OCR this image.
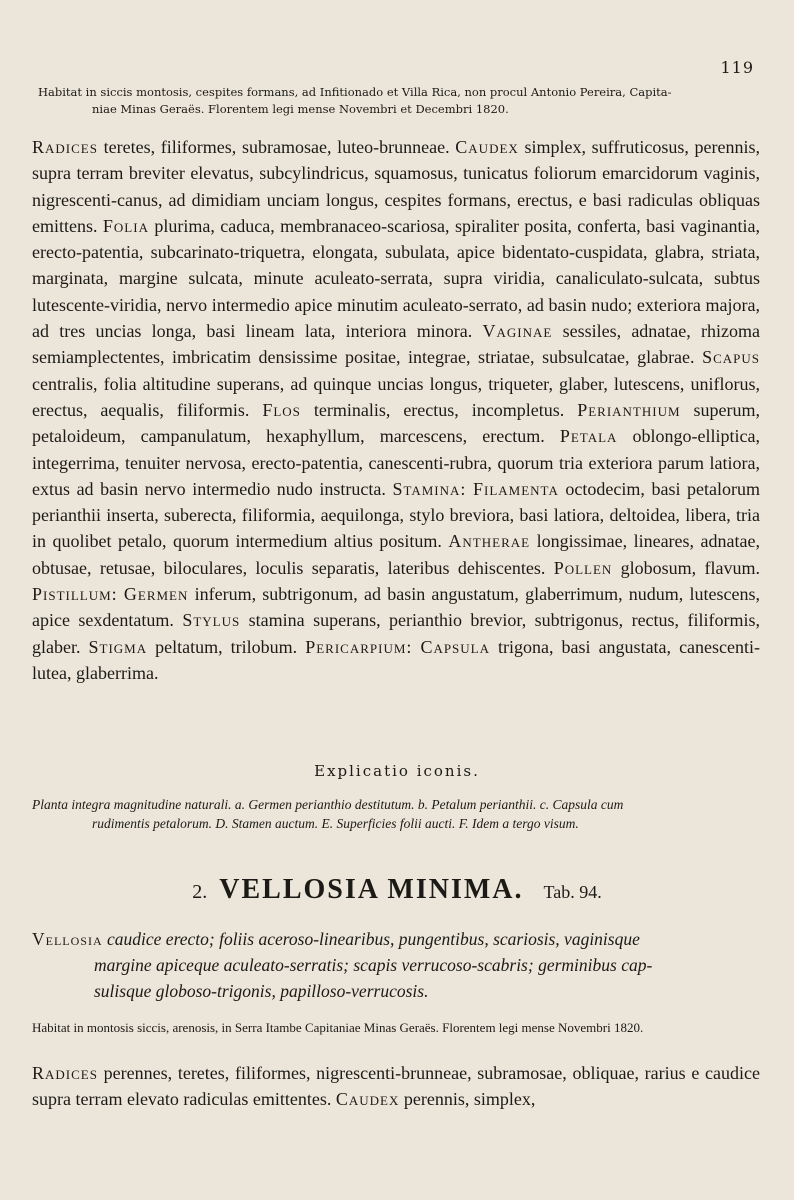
119
Habitat in siccis montosis, cespites formans, ad Infitionado et Villa Rica, non procul Antonio Pereira, Capita-
niae Minas Geraës. Florentem legi mense Novembri et Decembri 1820.
Radices teretes, filiformes, subramosae, luteo-brunneae. Caudex simplex, suffruticosus, perennis, supra terram breviter elevatus, subcylindricus, squamosus, tunicatus foliorum emarcidorum vaginis, nigrescenti-canus, ad dimidiam unciam longus, cespites formans, erectus, e basi radiculas obliquas emittens. Folia plurima, caduca, membranaceo-scariosa, spiraliter posita, conferta, basi vaginantia, erecto-patentia, subcarinato-triquetra, elongata, subulata, apice bidentato-cuspidata, glabra, striata, marginata, margine sulcata, minute aculeato-serrata, supra viridia, canaliculato-sulcata, subtus lutescente-viridia, nervo intermedio apice minutim aculeato-serrato, ad basin nudo; exteriora majora, ad tres uncias longa, basi lineam lata, interiora minora. Vaginae sessiles, adnatae, rhizoma semiamplectentes, imbricatim densissime positae, integrae, striatae, subsulcatae, glabrae. Scapus centralis, folia altitudine superans, ad quinque uncias longus, triqueter, glaber, lutescens, uniflorus, erectus, aequalis, filiformis. Flos terminalis, erectus, incompletus. Perianthium superum, petaloideum, campanulatum, hexaphyllum, marcescens, erectum. Petala oblongo-elliptica, integerrima, tenuiter nervosa, erecto-patentia, canescenti-rubra, quorum tria exteriora parum latiora, extus ad basin nervo intermedio nudo instructa. Stamina: Filamenta octodecim, basi petalorum perianthii inserta, suberecta, filiformia, aequilonga, stylo breviora, basi latiora, deltoidea, libera, tria in quolibet petalo, quorum intermedium altius positum. Antherae longissimae, lineares, adnatae, obtusae, retusae, biloculares, loculis separatis, lateribus dehiscentes. Pollen globosum, flavum. Pistillum: Germen inferum, subtrigonum, ad basin angustatum, glaberrimum, nudum, lutescens, apice sexdentatum. Stylus stamina superans, perianthio brevior, subtrigonus, rectus, filiformis, glaber. Stigma peltatum, trilobum. Pericarpium: Capsula trigona, basi angustata, canescenti-lutea, glaberrima.
Explicatio iconis.
Planta integra magnitudine naturali. a. Germen perianthio destitutum. b. Petalum perianthii. c. Capsula cum
rudimentis petalorum. D. Stamen auctum. E. Superficies folii aucti. F. Idem a tergo visum.
2. VELLOSIA MINIMA. Tab. 94.
Vellosia caudice erecto; foliis aceroso-linearibus, pungentibus, scariosis, vaginisque
margine apiceque aculeato-serratis; scapis verrucoso-scabris; germinibus cap-
sulisque globoso-trigonis, papilloso-verrucosis.
Habitat in montosis siccis, arenosis, in Serra Itambe Capitaniae Minas Geraës. Florentem legi mense Novembri 1820.
Radices perennes, teretes, filiformes, nigrescenti-brunneae, subramosae, obliquae, rarius e caudice supra terram elevato radiculas emittentes. Caudex perennis, simplex,
